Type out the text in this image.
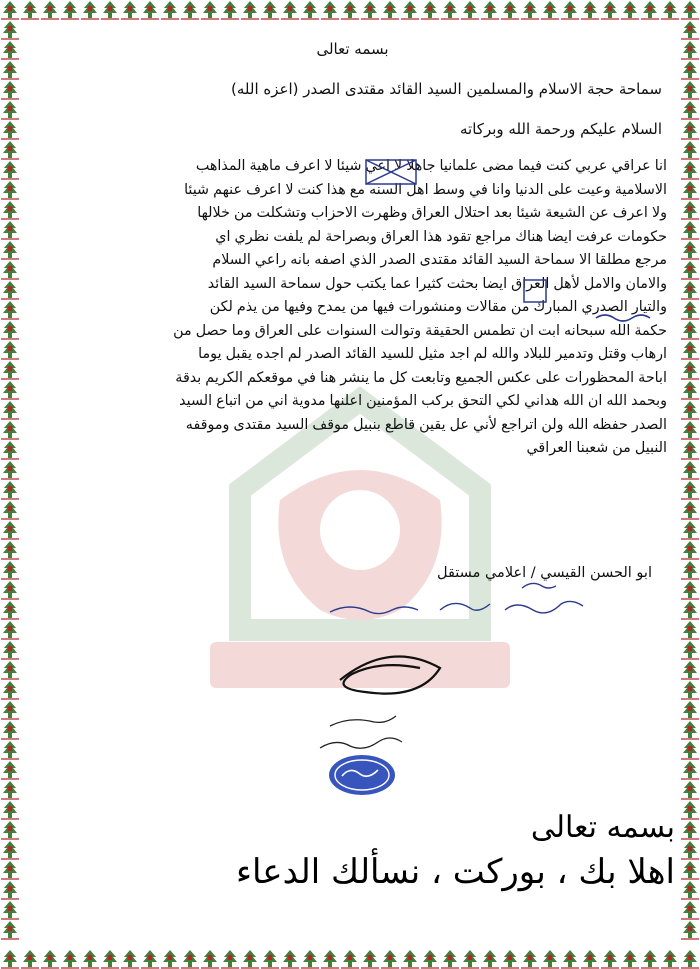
بسمه تعالى
سماحة حجة الاسلام والمسلمين السيد القائد مقتدى الصدر (اعزه الله)
السلام عليكم ورحمة الله وبركاته
انا عراقي عربي كنت فيما مضى علمانيا جاهلا لا اعي شيئا لا اعرف ماهية المذاهب
الاسلامية وعيت على الدنيا وانا في وسط اهل السنه مع هذا كنت لا اعرف عنهم شيئا
ولا اعرف عن الشيعة شيئا بعد احتلال العراق وظهرت الاحزاب وتشكلت من خلالها
حكومات عرفت ايضا هناك مراجع تقود هذا العراق وبصراحة لم يلفت نظري اي
مرجع مطلقا الا سماحة السيد القائد مقتدى الصدر الذي اصفه بانه راعي السلام
والامان والامل لأهل العراق ايضا بحثت كثيرا عما يكتب حول سماحة السيد القائد
والتيار الصدري المبارك من مقالات ومنشورات فيها من يمدح وفيها من يذم لكن
حكمة الله سبحانه ابت ان تطمس الحقيقة وتوالت السنوات على العراق وما حصل من
ارهاب وقتل وتدمير للبلاد والله لم اجد مثيل للسيد القائد الصدر لم اجده يقبل يوما
اباحة المحظورات على عكس الجميع وتابعت كل ما ينشر هنا في موقعكم الكريم بدقة
وبحمد الله ان الله هداني لكي التحق بركب المؤمنين اعلنها مدوية اني من اتباع السيد
الصدر حفظه الله ولن اتراجع لأني عل يقين قاطع بنبيل موقف السيد مقتدى وموقفه
النبيل من شعبنا العراقي
ابو الحسن القيسي / اعلامي مستقل
بسمه تعالى
اهلا بك ، بوركت ، نسألك الدعاء
